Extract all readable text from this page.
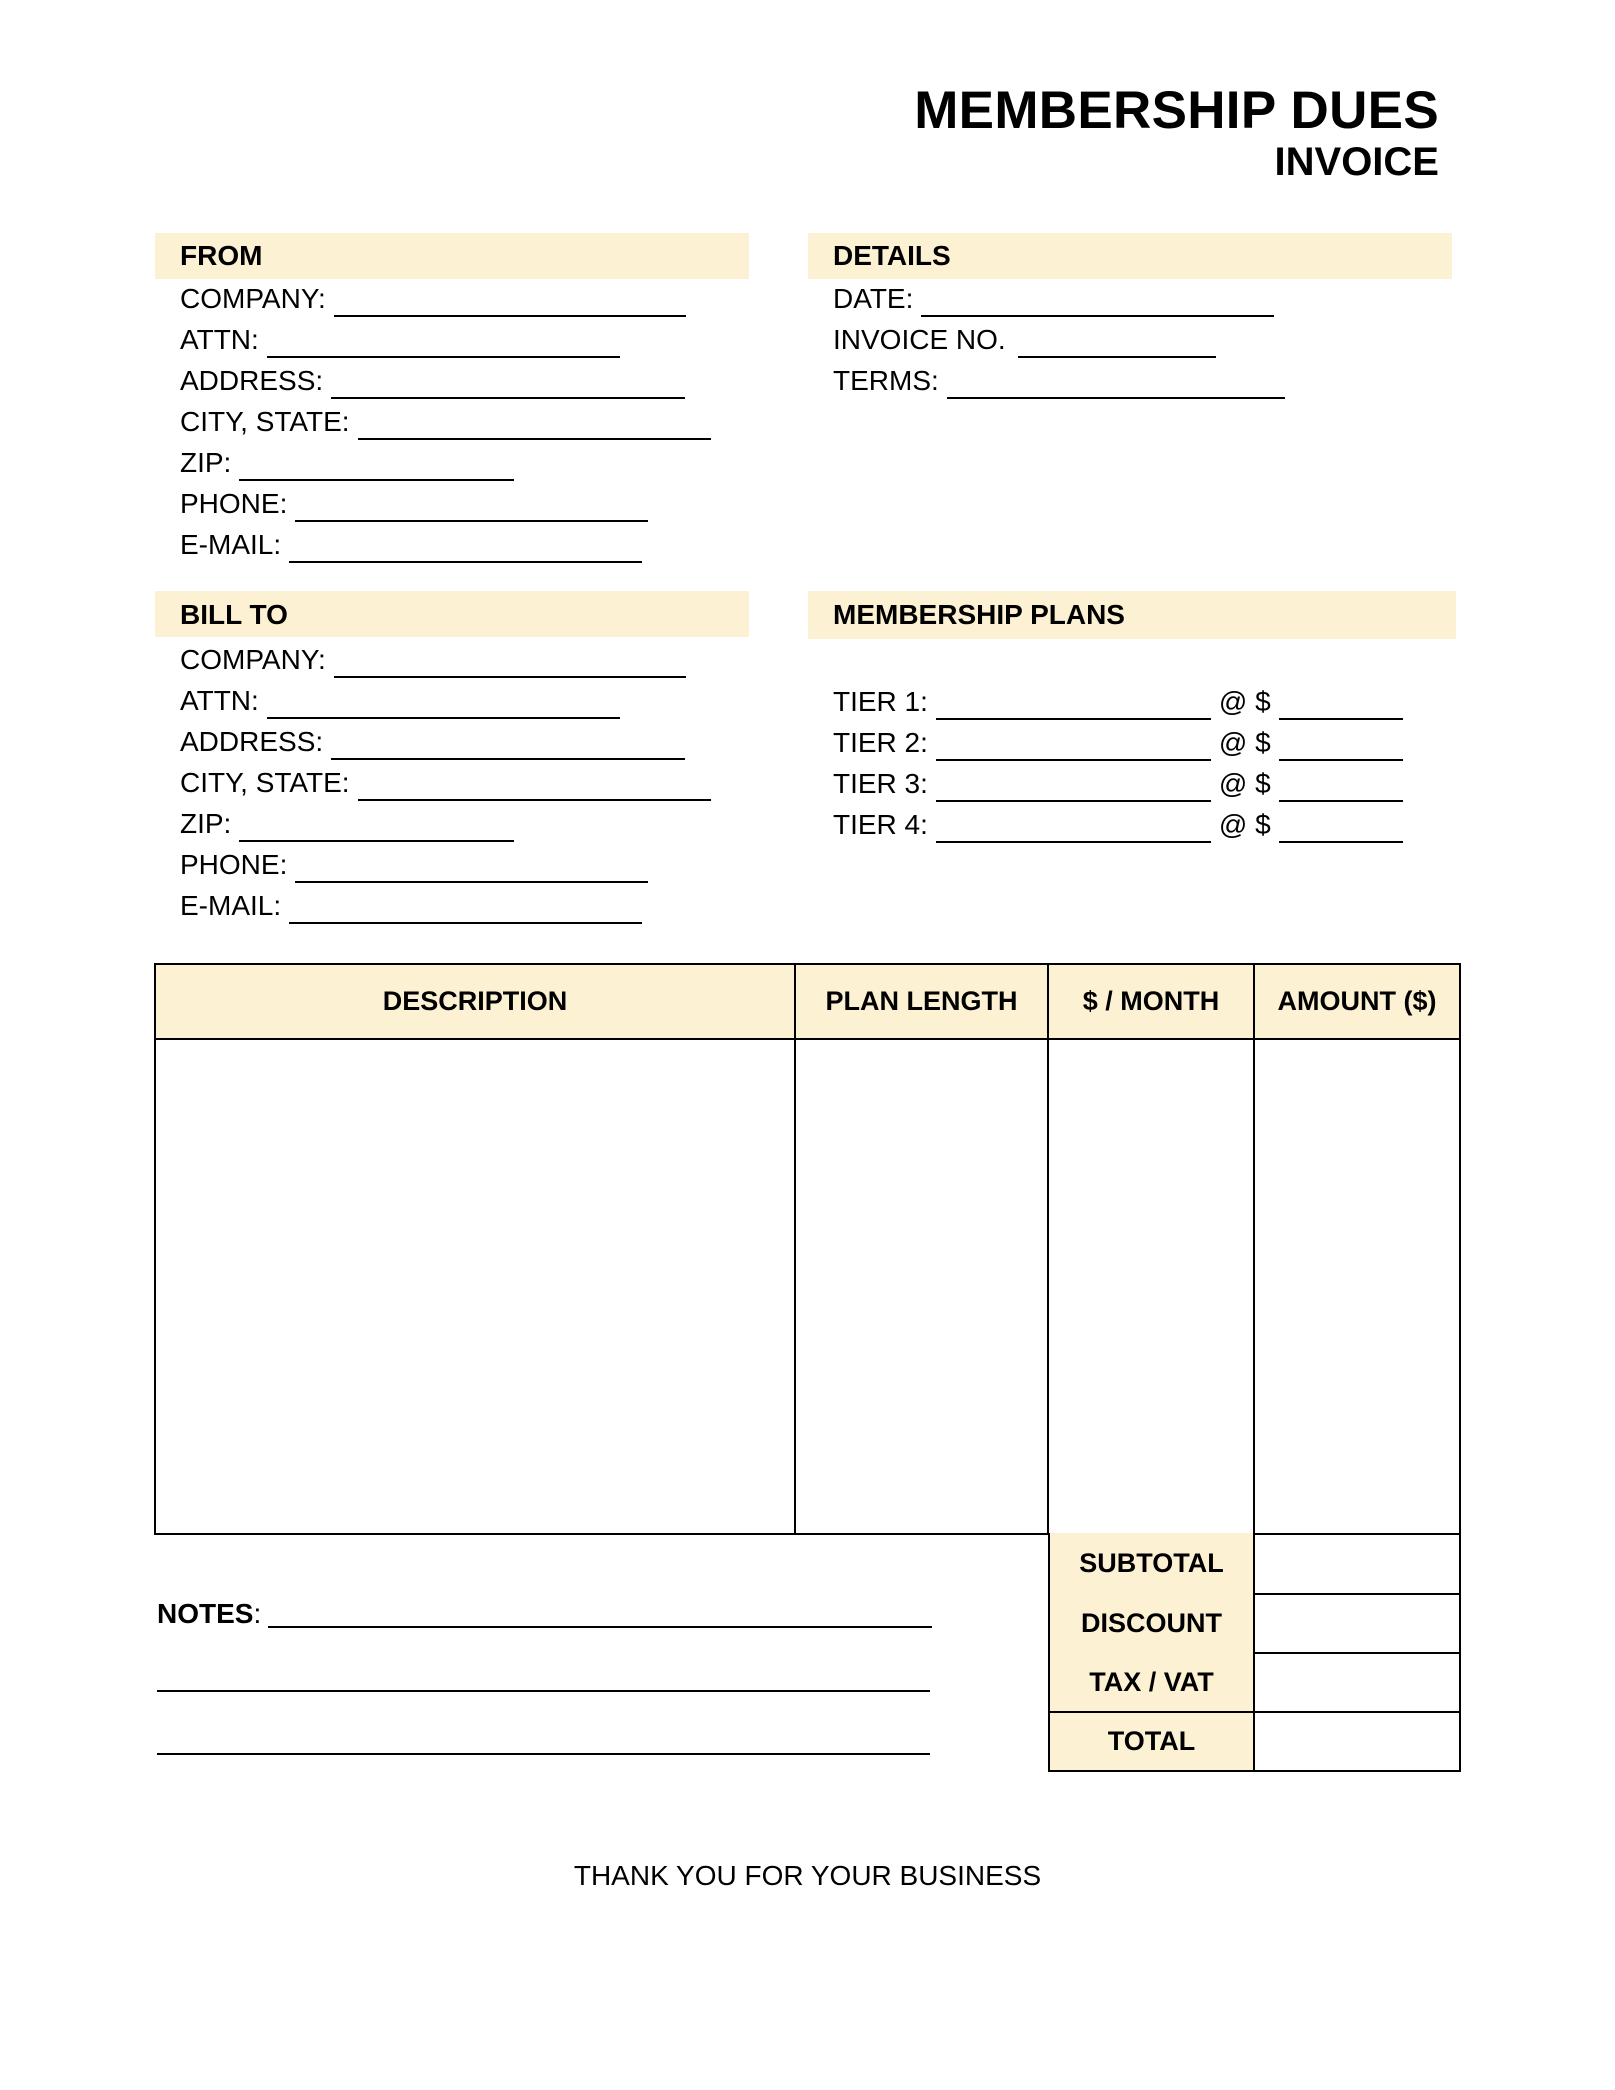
MEMBERSHIP DUES
INVOICE
FROM
COMPANY:
ATTN:
ADDRESS:
CITY, STATE:
ZIP:
PHONE:
E-MAIL:
DETAILS
DATE:
INVOICE NO.
TERMS:
BILL TO
COMPANY:
ATTN:
ADDRESS:
CITY, STATE:
ZIP:
PHONE:
E-MAIL:
MEMBERSHIP PLANS
TIER 1:	@ $
TIER 2:	@ $
TIER 3:	@ $
TIER 4:	@ $
DESCRIPTION	PLAN LENGTH	$ / MONTH	AMOUNT ($)

SUBTOTAL	
DISCOUNT	
TAX / VAT	
TOTAL	
NOTES:
THANK YOU FOR YOUR BUSINESS
